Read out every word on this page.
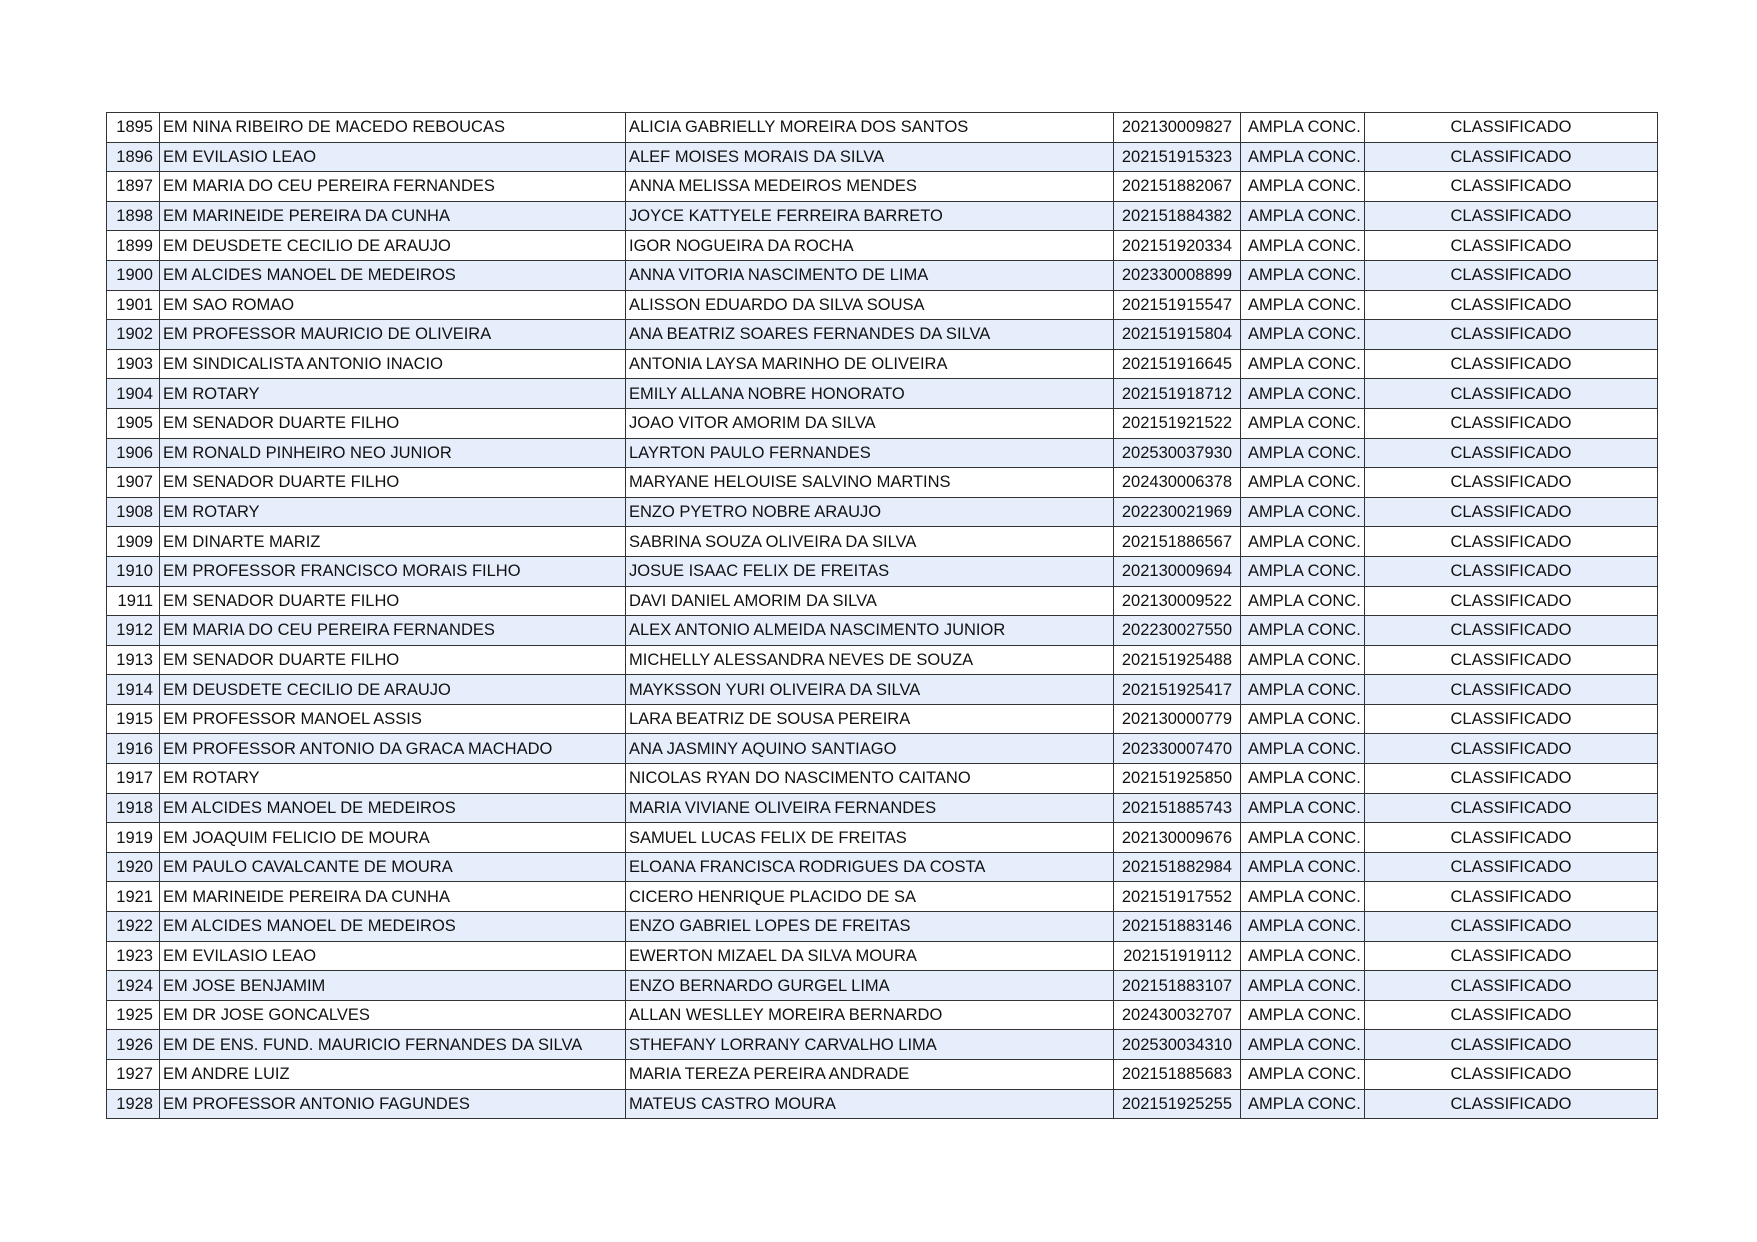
1895	EM NINA RIBEIRO DE MACEDO REBOUCAS	ALICIA GABRIELLY MOREIRA DOS SANTOS	202130009827	AMPLA CONC.	CLASSIFICADO
1896	EM EVILASIO LEAO	ALEF MOISES MORAIS DA SILVA	202151915323	AMPLA CONC.	CLASSIFICADO
1897	EM MARIA DO CEU PEREIRA FERNANDES	ANNA MELISSA MEDEIROS MENDES	202151882067	AMPLA CONC.	CLASSIFICADO
1898	EM MARINEIDE PEREIRA DA CUNHA	JOYCE KATTYELE FERREIRA BARRETO	202151884382	AMPLA CONC.	CLASSIFICADO
1899	EM DEUSDETE CECILIO DE ARAUJO	IGOR NOGUEIRA DA ROCHA	202151920334	AMPLA CONC.	CLASSIFICADO
1900	EM ALCIDES MANOEL DE MEDEIROS	ANNA VITORIA NASCIMENTO DE LIMA	202330008899	AMPLA CONC.	CLASSIFICADO
1901	EM SAO ROMAO	ALISSON EDUARDO DA SILVA SOUSA	202151915547	AMPLA CONC.	CLASSIFICADO
1902	EM PROFESSOR MAURICIO DE OLIVEIRA	ANA BEATRIZ SOARES FERNANDES DA SILVA	202151915804	AMPLA CONC.	CLASSIFICADO
1903	EM SINDICALISTA ANTONIO INACIO	ANTONIA LAYSA MARINHO DE OLIVEIRA	202151916645	AMPLA CONC.	CLASSIFICADO
1904	EM ROTARY	EMILY ALLANA NOBRE HONORATO	202151918712	AMPLA CONC.	CLASSIFICADO
1905	EM SENADOR DUARTE FILHO	JOAO VITOR AMORIM DA SILVA	202151921522	AMPLA CONC.	CLASSIFICADO
1906	EM RONALD PINHEIRO NEO JUNIOR	LAYRTON PAULO FERNANDES	202530037930	AMPLA CONC.	CLASSIFICADO
1907	EM SENADOR DUARTE FILHO	MARYANE HELOUISE SALVINO MARTINS	202430006378	AMPLA CONC.	CLASSIFICADO
1908	EM ROTARY	ENZO PYETRO NOBRE ARAUJO	202230021969	AMPLA CONC.	CLASSIFICADO
1909	EM DINARTE MARIZ	SABRINA SOUZA OLIVEIRA DA SILVA	202151886567	AMPLA CONC.	CLASSIFICADO
1910	EM PROFESSOR FRANCISCO MORAIS FILHO	JOSUE ISAAC FELIX DE FREITAS	202130009694	AMPLA CONC.	CLASSIFICADO
1911	EM SENADOR DUARTE FILHO	DAVI DANIEL AMORIM DA SILVA	202130009522	AMPLA CONC.	CLASSIFICADO
1912	EM MARIA DO CEU PEREIRA FERNANDES	ALEX ANTONIO ALMEIDA NASCIMENTO JUNIOR	202230027550	AMPLA CONC.	CLASSIFICADO
1913	EM SENADOR DUARTE FILHO	MICHELLY ALESSANDRA NEVES DE SOUZA	202151925488	AMPLA CONC.	CLASSIFICADO
1914	EM DEUSDETE CECILIO DE ARAUJO	MAYKSSON YURI OLIVEIRA DA SILVA	202151925417	AMPLA CONC.	CLASSIFICADO
1915	EM PROFESSOR MANOEL ASSIS	LARA BEATRIZ DE SOUSA PEREIRA	202130000779	AMPLA CONC.	CLASSIFICADO
1916	EM PROFESSOR ANTONIO DA GRACA MACHADO	ANA JASMINY AQUINO SANTIAGO	202330007470	AMPLA CONC.	CLASSIFICADO
1917	EM ROTARY	NICOLAS RYAN DO NASCIMENTO CAITANO	202151925850	AMPLA CONC.	CLASSIFICADO
1918	EM ALCIDES MANOEL DE MEDEIROS	MARIA VIVIANE OLIVEIRA FERNANDES	202151885743	AMPLA CONC.	CLASSIFICADO
1919	EM JOAQUIM FELICIO DE MOURA	SAMUEL LUCAS FELIX DE FREITAS	202130009676	AMPLA CONC.	CLASSIFICADO
1920	EM PAULO CAVALCANTE DE MOURA	ELOANA FRANCISCA RODRIGUES DA COSTA	202151882984	AMPLA CONC.	CLASSIFICADO
1921	EM MARINEIDE PEREIRA DA CUNHA	CICERO HENRIQUE PLACIDO DE SA	202151917552	AMPLA CONC.	CLASSIFICADO
1922	EM ALCIDES MANOEL DE MEDEIROS	ENZO GABRIEL LOPES DE FREITAS	202151883146	AMPLA CONC.	CLASSIFICADO
1923	EM EVILASIO LEAO	EWERTON MIZAEL DA SILVA MOURA	202151919112	AMPLA CONC.	CLASSIFICADO
1924	EM JOSE BENJAMIM	ENZO BERNARDO GURGEL LIMA	202151883107	AMPLA CONC.	CLASSIFICADO
1925	EM DR JOSE GONCALVES	ALLAN WESLLEY MOREIRA BERNARDO	202430032707	AMPLA CONC.	CLASSIFICADO
1926	EM DE ENS. FUND. MAURICIO FERNANDES DA SILVA	STHEFANY LORRANY CARVALHO LIMA	202530034310	AMPLA CONC.	CLASSIFICADO
1927	EM ANDRE LUIZ	MARIA TEREZA PEREIRA ANDRADE	202151885683	AMPLA CONC.	CLASSIFICADO
1928	EM PROFESSOR ANTONIO FAGUNDES	MATEUS CASTRO MOURA	202151925255	AMPLA CONC.	CLASSIFICADO
